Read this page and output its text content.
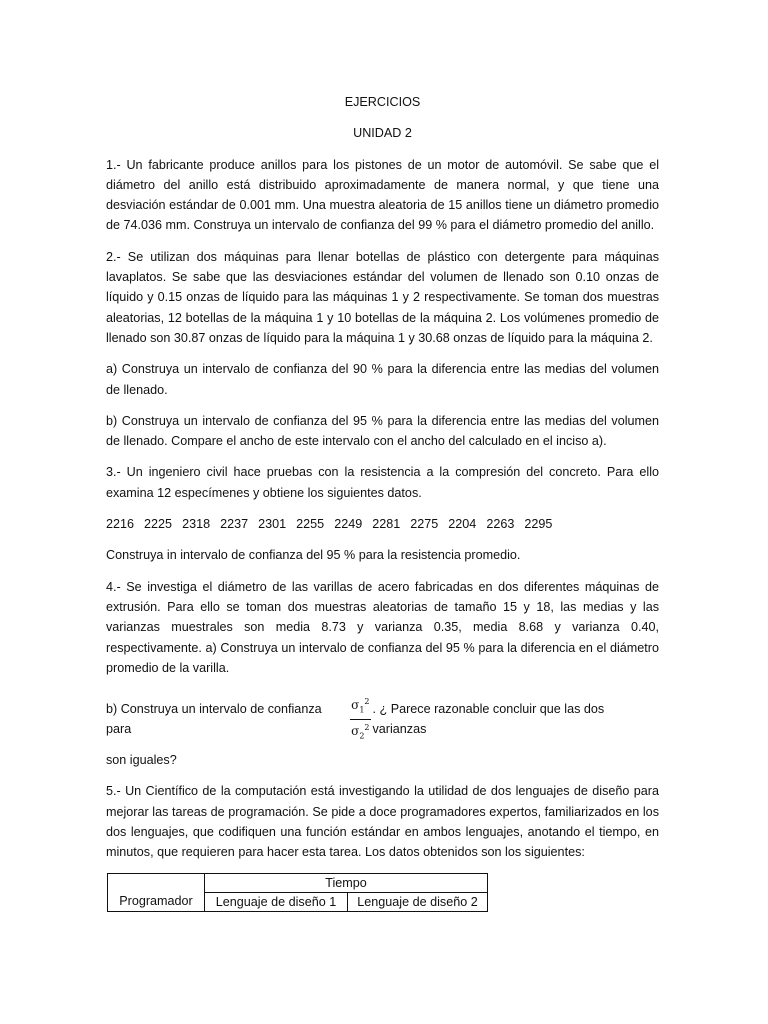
EJERCICIOS
UNIDAD 2

1.- Un fabricante produce anillos para los pistones de un motor de automóvil. Se sabe que el diámetro del anillo está distribuido aproximadamente de manera normal, y que tiene una desviación estándar de 0.001 mm. Una muestra aleatoria de 15 anillos tiene un diámetro promedio de 74.036 mm. Construya un intervalo de confianza del 99 % para el diámetro promedio del anillo.

2.- Se utilizan dos máquinas para llenar botellas de plástico con detergente para máquinas lavaplatos. Se sabe que las desviaciones estándar del volumen de llenado son 0.10 onzas de líquido y 0.15 onzas de líquido para las máquinas 1 y 2 respectivamente. Se toman dos muestras aleatorias, 12 botellas de la máquina 1 y 10 botellas de la máquina 2. Los volúmenes promedio de llenado son 30.87 onzas de líquido para la máquina 1 y 30.68 onzas de líquido para la máquina 2.

a) Construya un intervalo de confianza del 90 % para la diferencia entre las medias del volumen de llenado.

b) Construya un intervalo de confianza del 95 % para la diferencia entre las medias del volumen de llenado. Compare el ancho de este intervalo con el ancho del calculado en el inciso a).

3.- Un ingeniero civil hace pruebas con la resistencia a la compresión del concreto. Para ello examina 12 especímenes y obtiene los siguientes datos.

2216 2225 2318 2237 2301 2255 2249 2281 2275 2204 2263 2295

Construya in intervalo de confianza del 95 % para la resistencia promedio.

4.- Se investiga el diámetro de las varillas de acero fabricadas en dos diferentes máquinas de extrusión. Para ello se toman dos muestras aleatorias de tamaño 15 y 18, las medias y las varianzas muestrales son media 8.73 y varianza 0.35, media 8.68 y varianza 0.40, respectivamente. a) Construya un intervalo de confianza del 95 % para la diferencia en el diámetro promedio de la varilla.

b) Construya un intervalo de confianza para	$\frac{\sigma_1^2}{\sigma_2^2}$ . ¿ Parece razonable concluir que las dos varianzas

son iguales?

5.- Un Científico de la computación está investigando la utilidad de dos lenguajes de diseño para mejorar las tareas de programación. Se pide a doce programadores expertos, familiarizados en los dos lenguajes, que codifiquen una función estándar en ambos lenguajes, anotando el tiempo, en minutos, que requieren para hacer esta tarea. Los datos obtenidos son los siguientes:

Programador	Tiempo	
	Lenguaje de diseño 1	Lenguaje de diseño 2
